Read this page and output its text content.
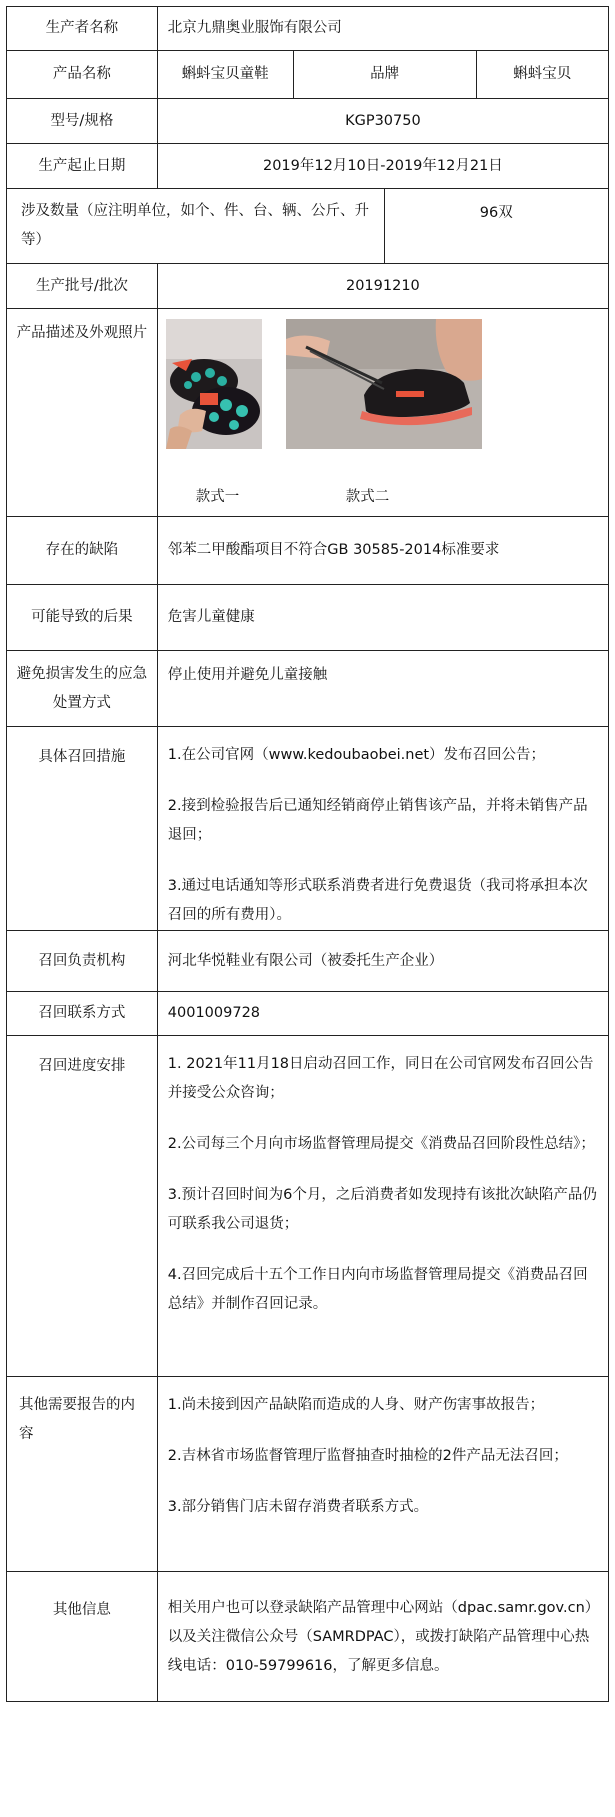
生产者名称	北京九鼎奥业服饰有限公司			
产品名称	蝌蚪宝贝童鞋	品牌		蝌蚪宝贝
型号/规格	KGP30750			
生产起止日期	2019年12月10日-2019年12月21日			
涉及数量（应注明单位，如个、件、台、辆、公斤、升等）			96双	
生产批号/批次	20191210			
产品描述及外观照片	款式一 款式二			

存在的缺陷	邻苯二甲酸酯项目不符合GB 30585-2014标准要求			
可能导致的后果	危害儿童健康			
避免损害发生的应急处置方式	停止使用并避免儿童接触			
具体召回措施	1.在公司官网（www.kedoubaobei.net）发布召回公告；

2.接到检验报告后已通知经销商停止销售该产品，并将未销售产品退回；

3.通过电话通知等形式联系消费者进行免费退货（我司将承担本次召回的所有费用）。			

召回负责机构	河北华悦鞋业有限公司（被委托生产企业）			
召回联系方式	4001009728			
召回进度安排	1. 2021年11月18日启动召回工作，同日在公司官网发布召回公告并接受公众咨询；

2.公司每三个月向市场监督管理局提交《消费品召回阶段性总结》；

3.预计召回时间为6个月，之后消费者如发现持有该批次缺陷产品仍可联系我公司退货；

4.召回完成后十五个工作日内向市场监督管理局提交《消费品召回总结》并制作召回记录。			

其他需要报告的内容	1.尚未接到因产品缺陷而造成的人身、财产伤害事故报告；

2.吉林省市场监督管理厅监督抽查时抽检的2件产品无法召回；

3.部分销售门店未留存消费者联系方式。			

其他信息	相关用户也可以登录缺陷产品管理中心网站（dpac.samr.gov.cn）以及关注微信公众号（SAMRDPAC），或拨打缺陷产品管理中心热线电话：010-59799616，了解更多信息。			
